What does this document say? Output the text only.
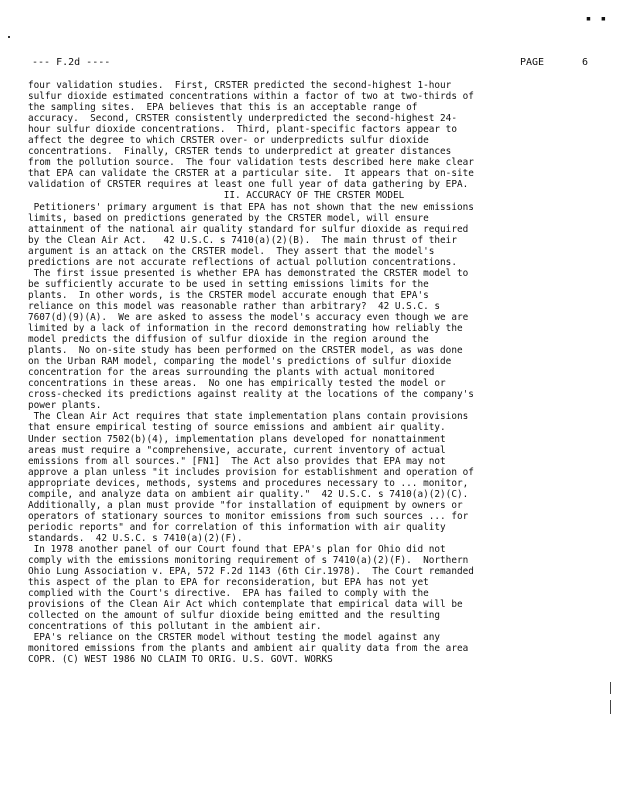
▪ ▪
--- F.2d ----	PAGE	6
four validation studies.  First, CRSTER predicted the second-highest 1-hour
sulfur dioxide estimated concentrations within a factor of two at two-thirds of
the sampling sites.  EPA believes that this is an acceptable range of
accuracy.  Second, CRSTER consistently underpredicted the second-highest 24-
hour sulfur dioxide concentrations.  Third, plant-specific factors appear to
affect the degree to which CRSTER over- or underpredicts sulfur dioxide
concentrations.  Finally, CRSTER tends to underpredict at greater distances
from the pollution source.  The four validation tests described here make clear
that EPA can validate the CRSTER at a particular site.  It appears that on-site
validation of CRSTER requires at least one full year of data gathering by EPA.
II. ACCURACY OF THE CRSTER MODEL
Petitioners' primary argument is that EPA has not shown that the new emissions
limits, based on predictions generated by the CRSTER model, will ensure
attainment of the national air quality standard for sulfur dioxide as required
by the Clean Air Act.   42 U.S.C. s 7410(a)(2)(B).  The main thrust of their
argument is an attack on the CRSTER model.  They assert that the model's
predictions are not accurate reflections of actual pollution concentrations.
The first issue presented is whether EPA has demonstrated the CRSTER model to
be sufficiently accurate to be used in setting emissions limits for the
plants.  In other words, is the CRSTER model accurate enough that EPA's
reliance on this model was reasonable rather than arbitrary?  42 U.S.C. s
7607(d)(9)(A).  We are asked to assess the model's accuracy even though we are
limited by a lack of information in the record demonstrating how reliably the
model predicts the diffusion of sulfur dioxide in the region around the
plants.  No on-site study has been performed on the CRSTER model, as was done
on the Urban RAM model, comparing the model's predictions of sulfur dioxide
concentration for the areas surrounding the plants with actual monitored
concentrations in these areas.  No one has empirically tested the model or
cross-checked its predictions against reality at the locations of the company's
power plants.
The Clean Air Act requires that state implementation plans contain provisions
that ensure empirical testing of source emissions and ambient air quality.
Under section 7502(b)(4), implementation plans developed for nonattainment
areas must require a "comprehensive, accurate, current inventory of actual
emissions from all sources." [FN1]  The Act also provides that EPA may not
approve a plan unless "it includes provision for establishment and operation of
appropriate devices, methods, systems and procedures necessary to ... monitor,
compile, and analyze data on ambient air quality."  42 U.S.C. s 7410(a)(2)(C).
Additionally, a plan must provide "for installation of equipment by owners or
operators of stationary sources to monitor emissions from such sources ... for
periodic reports" and for correlation of this information with air quality
standards.  42 U.S.C. s 7410(a)(2)(F).
In 1978 another panel of our Court found that EPA's plan for Ohio did not
comply with the emissions monitoring requirement of s 7410(a)(2)(F).  Northern
Ohio Lung Association v. EPA, 572 F.2d 1143 (6th Cir.1978).  The Court remanded
this aspect of the plan to EPA for reconsideration, but EPA has not yet
complied with the Court's directive.  EPA has failed to comply with the
provisions of the Clean Air Act which contemplate that empirical data will be
collected on the amount of sulfur dioxide being emitted and the resulting
concentrations of this pollutant in the ambient air.
EPA's reliance on the CRSTER model without testing the model against any
monitored emissions from the plants and ambient air quality data from the area
COPR. (C) WEST 1986 NO CLAIM TO ORIG. U.S. GOVT. WORKS
